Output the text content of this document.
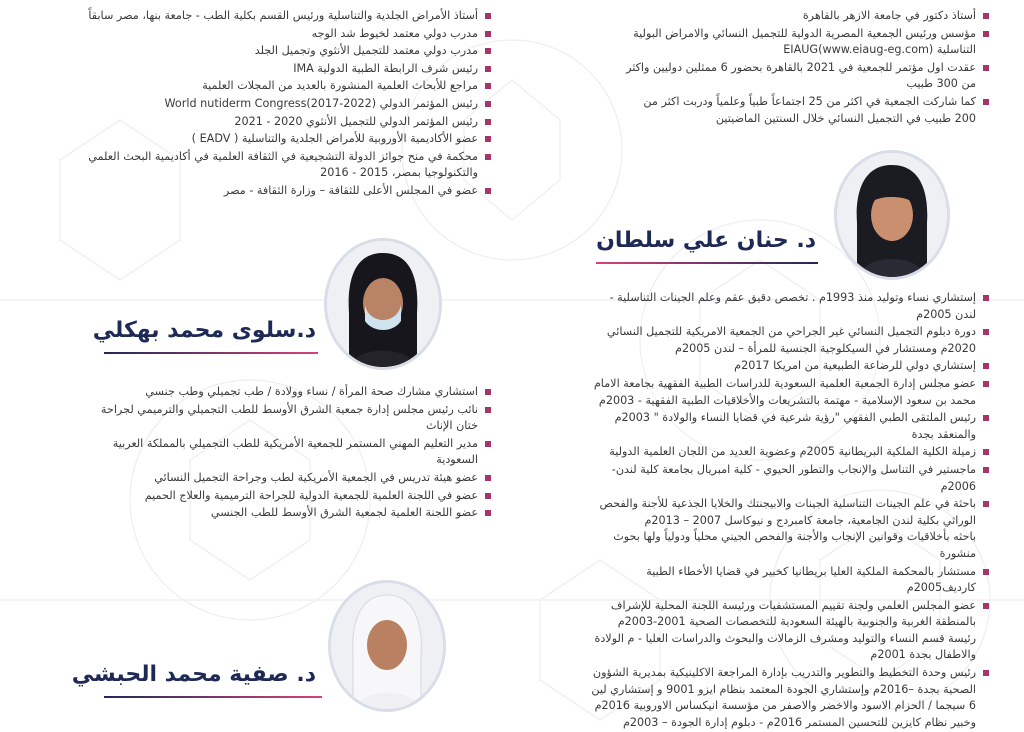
أستاذ دكتور في جامعة الازهر بالقاهرة
مؤسس ورئيس الجمعية المصرية الدولية للتجميل النسائي والامراض البولية التناسلية EIAUG(www.eiaug-eg.com)
عقدت اول مؤتمر للجمعية في 2021 بالقاهرة بحضور 6 ممثلين دوليين واكثر من 300 طبيب
كما شاركت الجمعية في اكثر من 25 اجتماعاً طبياً وعلمياً ودربت اكثر من 200 طبيب في التجميل النسائي خلال السنتين الماضيتين
أستاذ الأمراض الجلدية والتناسلية ورئيس القسم بكلية الطب - جامعة بنها، مصر سابقاً
مدرب دولي معتمد لخيوط شد الوجه
مدرب دولي معتمد للتجميل الأنثوي وتجميل الجلد
رئيس شرف الرابطة الطبية الدولية IMA
مراجع للأبحاث العلمية المنشورة بالعديد من المجلات العلمية
رئيس المؤتمر الدولي World nutiderm Congress(2017-2022)
رئيس المؤتمر الدولي للتجميل الأنثوي 2020 - 2021
عضو الأكاديمية الأوروبية للأمراض الجلدية والتناسلية ( EADV )
محكمة في منح جوائز الدولة التشجيعية في الثقافة العلمية في أكاديمية البحث العلمي والتكنولوجيا بمصر، 2015 - 2016
عضو في المجلس الأعلى للثقافة – وزارة الثقافة - مصر
د. حنان علي سلطان
إستشاري نساء وتوليد منذ 1993م . تخصص دقيق عقم وعلم الجينات التناسلية - لندن 2005م
دورة دبلوم التجميل النسائي غير الجراحي من الجمعية الامريكية للتجميل النسائي 2020م ومستشار في السيكلوجية الجنسية للمرأة – لندن 2005م
إستشاري دولي للرضاعة الطبيعية من امريكا 2017م
عضو مجلس إدارة الجمعية العلمية السعودية للدراسات الطبية الفقهية بجامعة الامام محمد بن سعود الإسلامية - مهتمة بالتشريعات والأخلاقيات الطبية الفقهية - 2003م
رئيس الملتقى الطبي الفقهي "رؤية شرعية في قضايا النساء والولادة " 2003م والمنعقد بجدة
زميلة الكلية الملكية البريطانية 2005م وعضوية العديد من اللجان العلمية الدولية
ماجستير في التناسل والإنجاب والتطور الحيوي - كلية امبريال بجامعة كلية لندن- 2006م
باحثة في علم الجينات التناسلية الجينات والابيجنتك والخلايا الجذعية للأجنة والفحص الوراثي بكلية لندن الجامعية، جامعة كامبردج و نيوكاسل 2007 – 2013م
باحثه بأخلاقيات وقوانين الإنجاب والأجنة والفحص الجيني محلياً ودولياً ولها بحوث منشورة
مستشار بالمحكمة الملكية العليا بريطانيا كخبير في قضايا الأخطاء الطبية كارديف2005م
عضو المجلس العلمي ولجنة تقييم المستشفيات ورئيسة اللجنة المحلية للإشراف بالمنطقة الغربية والجنوبية بالهيئة السعودية للتخصصات الصحية 2001-2003م
رئيسة قسم النساء والتوليد ومشرف الزمالات والبحوث والدراسات العليا - م الولادة والاطفال بجدة 2001م
رئيس وحدة التخطيط والتطوير والتدريب بإدارة المراجعة الاكلينيكية بمديرية الشؤون الصحية بجدة –2016م وإستشاري الجودة المعتمد بنظام ايزو 9001 و إستشاري لين 6 سيجما / الحزام الاسود والاخضر والاصفر من مؤسسة انيكساس الاوروبية 2016م وخبير نظام كايزين للتحسين المستمر 2016م - دبلوم إدارة الجودة – 2003م
د.سلوى محمد بهكلي
استشاري مشارك صحة المرأة / نساء وولادة / طب تجميلي وطب جنسي
نائب رئيس مجلس إدارة جمعية الشرق الأوسط للطب التجميلي والترميمي لجراحة ختان الإناث
مدير التعليم المهني المستمر للجمعية الأمريكية للطب التجميلي بالمملكة العربية السعودية
عضو هيئة تدريس في الجمعية الأمريكية لطب وجراحة التجميل النسائي
عضو في اللجنة العلمية للجمعية الدولية للجراحة الترميمية والعلاج الحميم
عضو اللجنة العلمية لجمعية الشرق الأوسط للطب الجنسي
د. صفية محمد الحبشي
